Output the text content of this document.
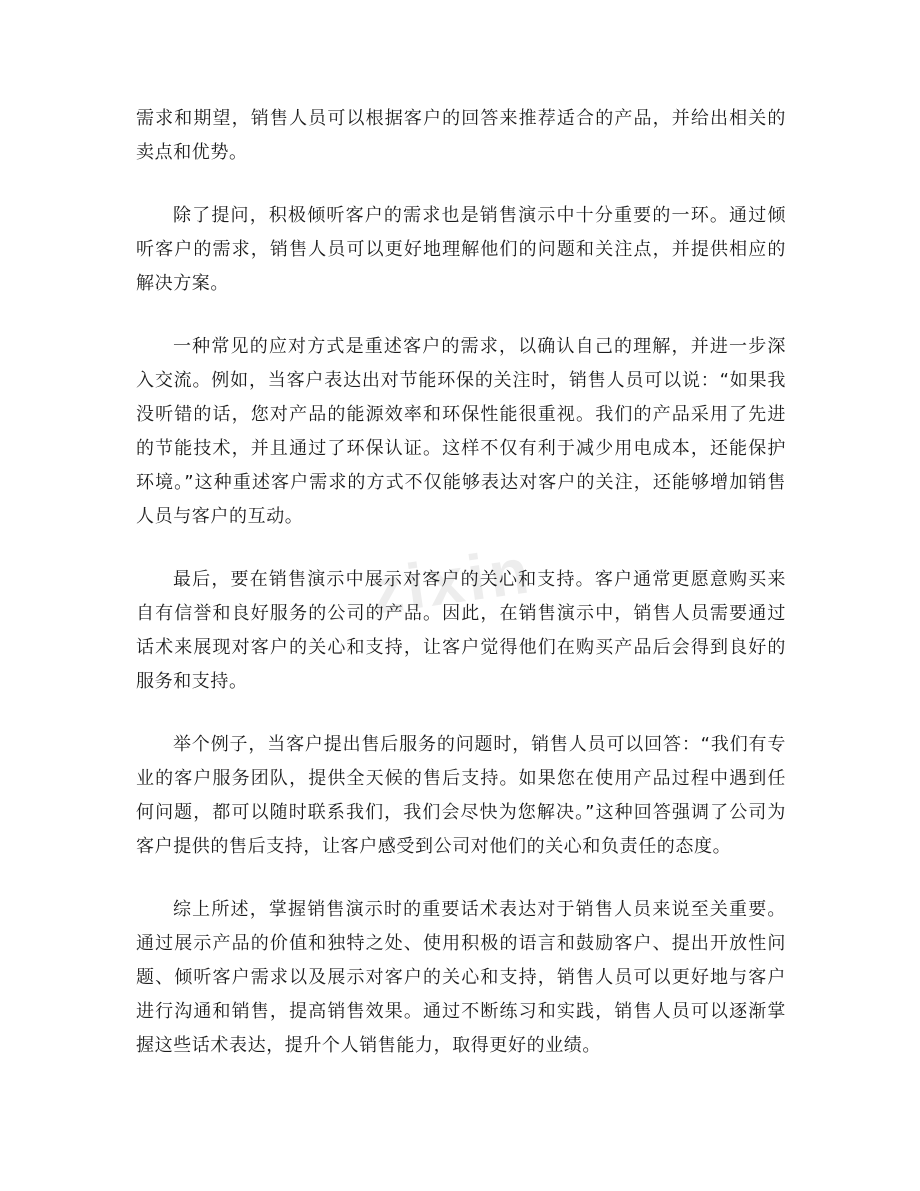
需求和期望，销售人员可以根据客户的回答来推荐适合的产品，并给出相关的卖点和优势。

除了提问，积极倾听客户的需求也是销售演示中十分重要的一环。通过倾听客户的需求，销售人员可以更好地理解他们的问题和关注点，并提供相应的解决方案。

一种常见的应对方式是重述客户的需求，以确认自己的理解，并进一步深入交流。例如，当客户表达出对节能环保的关注时，销售人员可以说：“如果我没听错的话，您对产品的能源效率和环保性能很重视。我们的产品采用了先进的节能技术，并且通过了环保认证。这样不仅有利于减少用电成本，还能保护环境。”这种重述客户需求的方式不仅能够表达对客户的关注，还能够增加销售人员与客户的互动。

最后，要在销售演示中展示对客户的关心和支持。客户通常更愿意购买来自有信誉和良好服务的公司的产品。因此，在销售演示中，销售人员需要通过话术来展现对客户的关心和支持，让客户觉得他们在购买产品后会得到良好的服务和支持。

举个例子，当客户提出售后服务的问题时，销售人员可以回答：“我们有专业的客户服务团队，提供全天候的售后支持。如果您在使用产品过程中遇到任何问题，都可以随时联系我们，我们会尽快为您解决。”这种回答强调了公司为客户提供的售后支持，让客户感受到公司对他们的关心和负责任的态度。

综上所述，掌握销售演示时的重要话术表达对于销售人员来说至关重要。通过展示产品的价值和独特之处、使用积极的语言和鼓励客户、提出开放性问题、倾听客户需求以及展示对客户的关心和支持，销售人员可以更好地与客户进行沟通和销售，提高销售效果。通过不断练习和实践，销售人员可以逐渐掌握这些话术表达，提升个人销售能力，取得更好的业绩。

zixin
